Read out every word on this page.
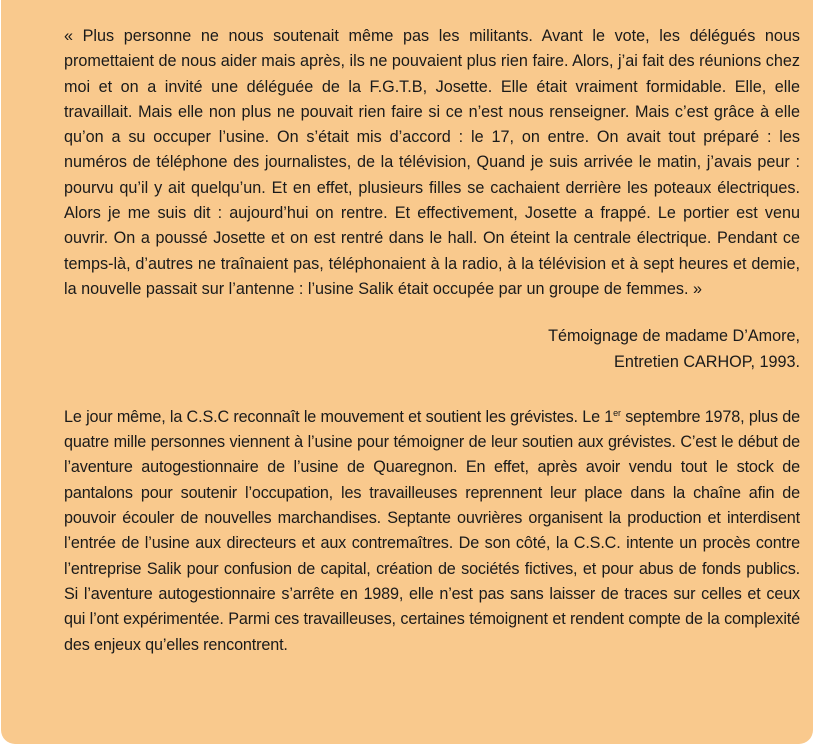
« Plus personne ne nous soutenait même pas les militants. Avant le vote, les délégués nous promettaient de nous aider mais après, ils ne pouvaient plus rien faire. Alors, j’ai fait des réunions chez moi et on a invité une déléguée de la F.G.T.B, Josette. Elle était vraiment formidable. Elle, elle travaillait. Mais elle non plus ne pouvait rien faire si ce n’est nous renseigner. Mais c’est grâce à elle qu’on a su occuper l’usine. On s’était mis d’accord : le 17, on entre. On avait tout préparé : les numéros de téléphone des journalistes, de la télévision, Quand je suis arrivée le matin, j’avais peur : pourvu qu’il y ait quelqu’un. Et en effet, plusieurs filles se cachaient derrière les poteaux électriques. Alors je me suis dit : aujourd’hui on rentre. Et effectivement, Josette a frappé. Le portier est venu ouvrir. On a poussé Josette et on est rentré dans le hall. On éteint la centrale électrique. Pendant ce temps-là, d’autres ne traînaient pas, téléphonaient à la radio, à la télévision et à sept heures et demie, la nouvelle passait sur l’antenne : l’usine Salik était occupée par un groupe de femmes. »

Témoignage de madame D’Amore,
Entretien CARHOP, 1993.

Le jour même, la C.S.C reconnaît le mouvement et soutient les grévistes. Le 1er septembre 1978, plus de quatre mille personnes viennent à l’usine pour témoigner de leur soutien aux grévistes. C’est le début de l’aventure autogestionnaire de l’usine de Quaregnon. En effet, après avoir vendu tout le stock de pantalons pour soutenir l’occupation, les travailleuses reprennent leur place dans la chaîne afin de pouvoir écouler de nouvelles marchandises. Septante ouvrières organisent la production et interdisent l’entrée de l’usine aux directeurs et aux contremaîtres. De son côté, la C.S.C. intente un procès contre l’entreprise Salik pour confusion de capital, création de sociétés fictives, et pour abus de fonds publics. Si l’aventure autogestionnaire s’arrête en 1989, elle n’est pas sans laisser de traces sur celles et ceux qui l’ont expérimentée. Parmi ces travailleuses, certaines témoignent et rendent compte de la complexité des enjeux qu’elles rencontrent.
